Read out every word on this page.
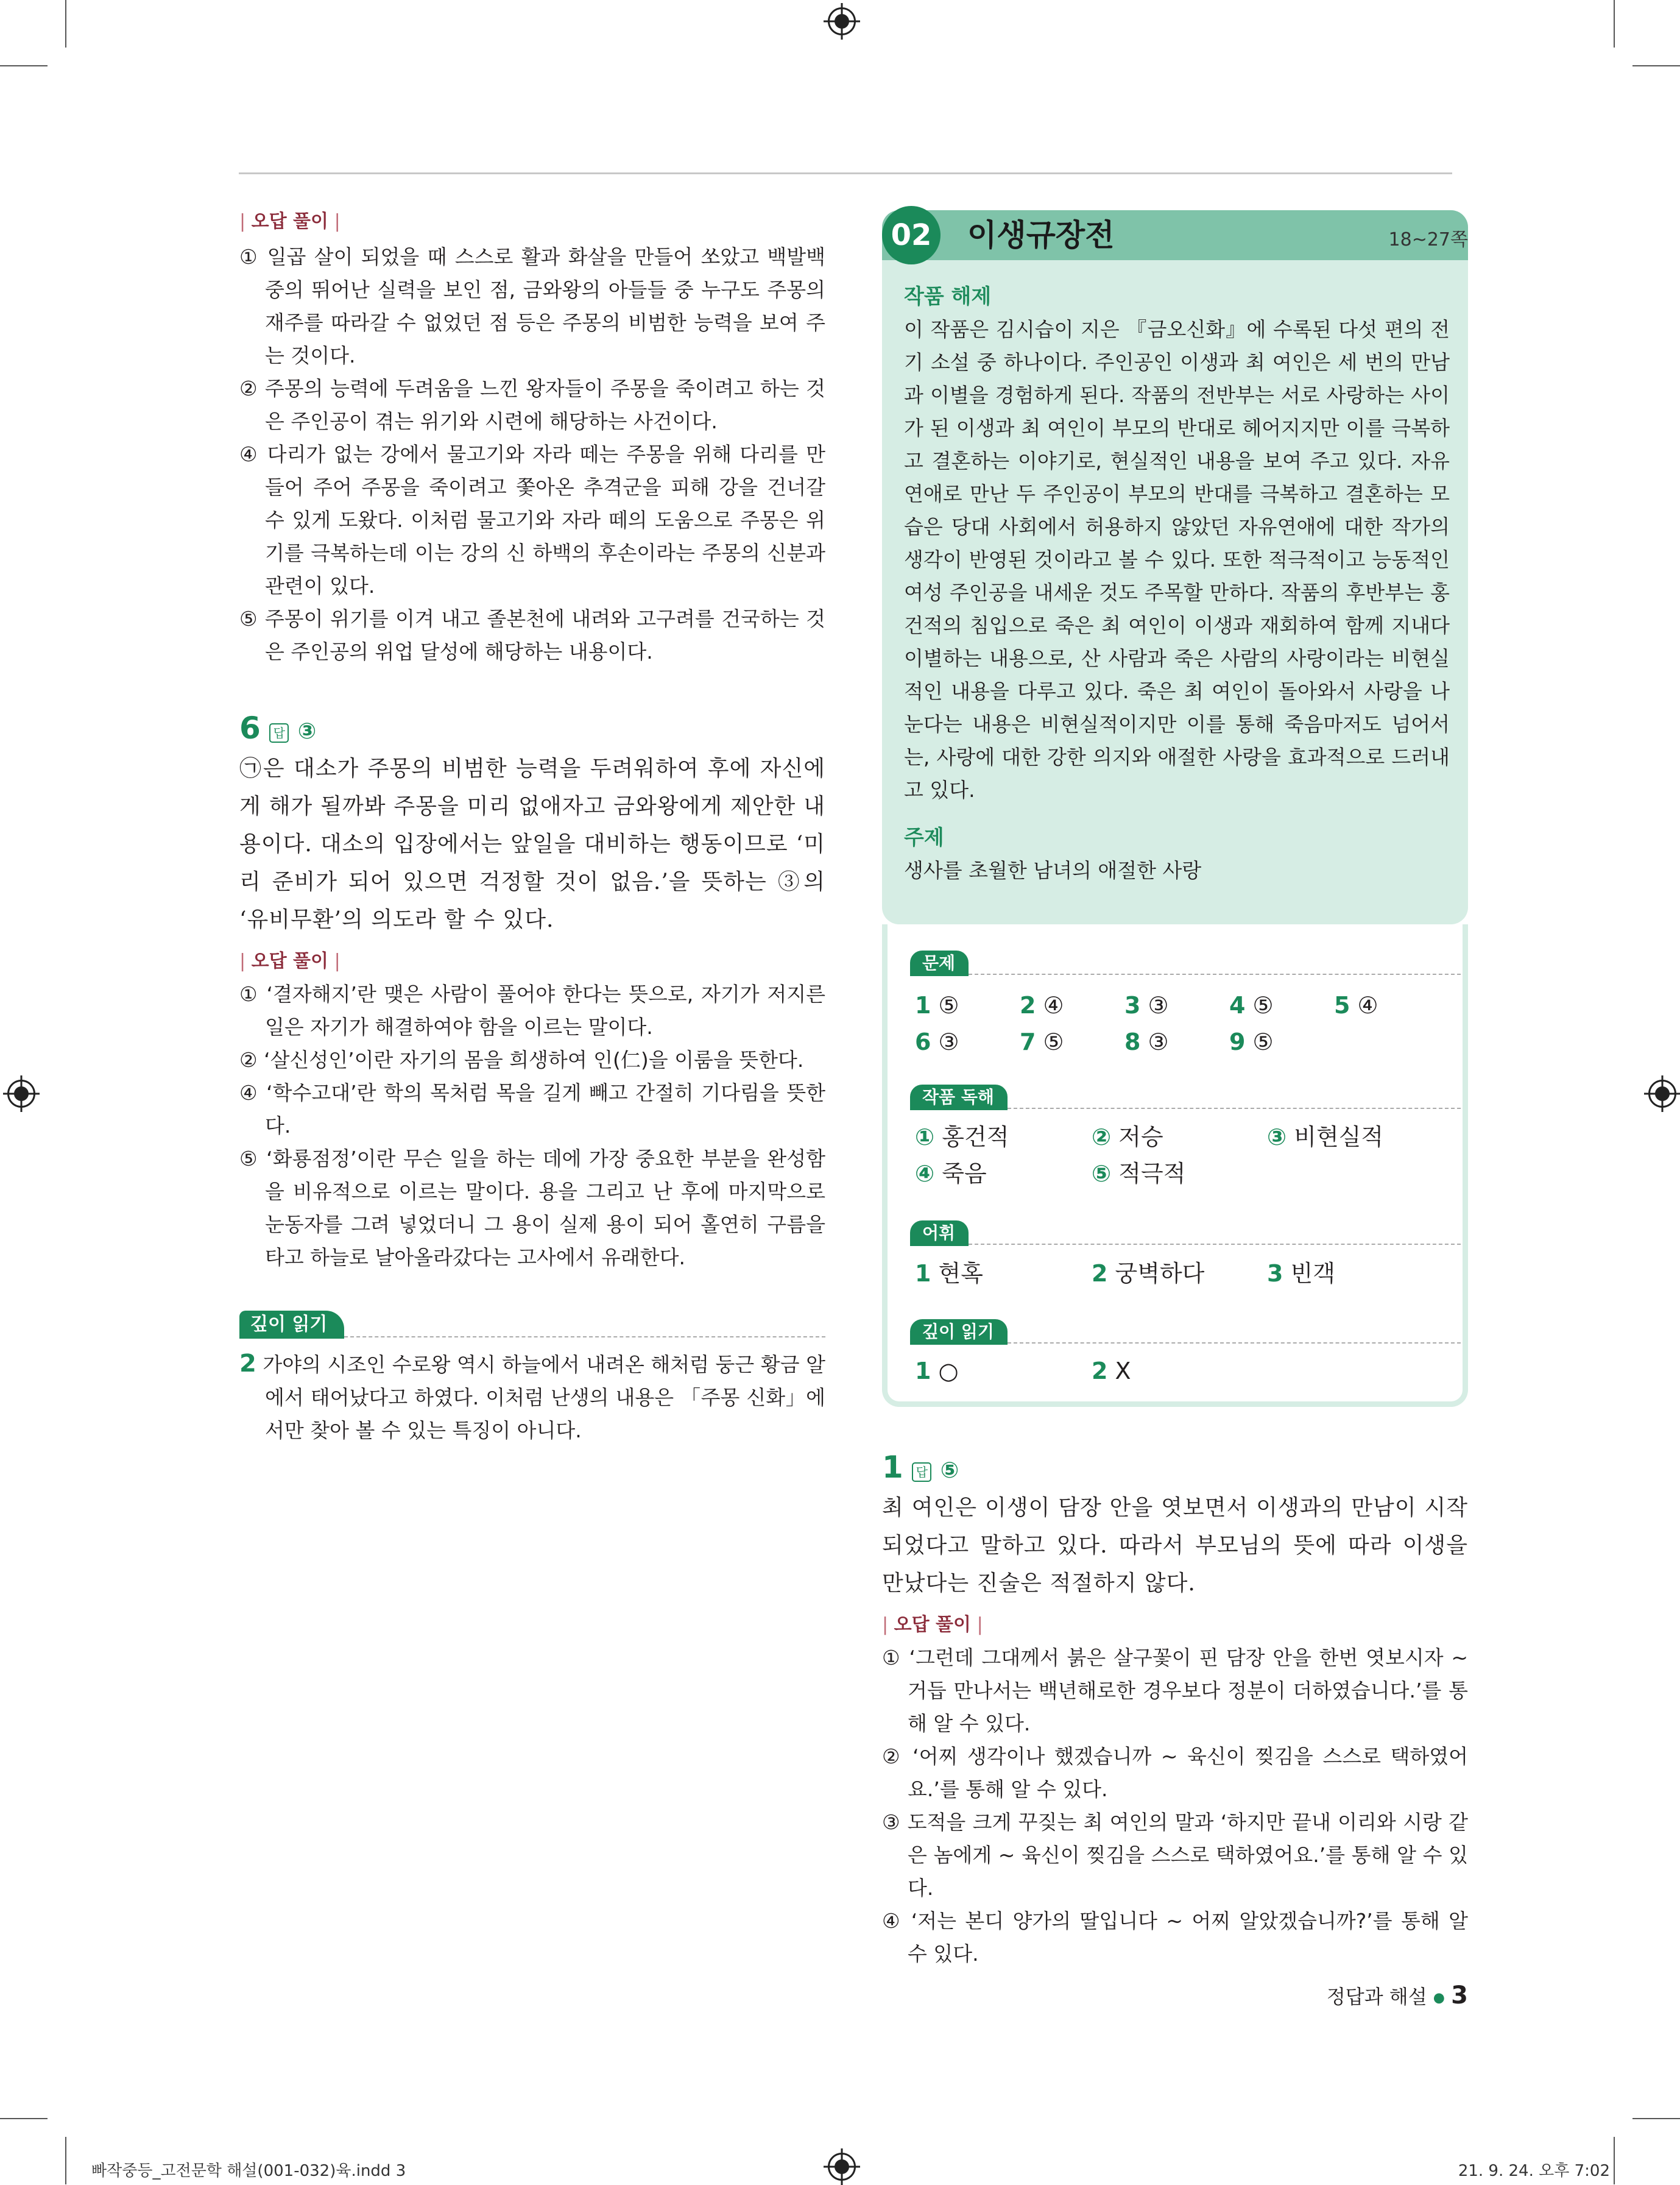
| 오답 풀이 |
① 일곱 살이 되었을 때 스스로 활과 화살을 만들어 쏘았고 백발백중의 뛰어난 실력을 보인 점, 금와왕의 아들들 중 누구도 주몽의 재주를 따라갈 수 없었던 점 등은 주몽의 비범한 능력을 보여 주는 것이다.
② 주몽의 능력에 두려움을 느낀 왕자들이 주몽을 죽이려고 하는 것은 주인공이 겪는 위기와 시련에 해당하는 사건이다.
④ 다리가 없는 강에서 물고기와 자라 떼는 주몽을 위해 다리를 만들어 주어 주몽을 죽이려고 쫓아온 추격군을 피해 강을 건너갈 수 있게 도왔다. 이처럼 물고기와 자라 떼의 도움으로 주몽은 위기를 극복하는데 이는 강의 신 하백의 후손이라는 주몽의 신분과 관련이 있다.
⑤ 주몽이 위기를 이겨 내고 졸본천에 내려와 고구려를 건국하는 것은 주인공의 위업 달성에 해당하는 내용이다.
6 답 ③
㉠은 대소가 주몽의 비범한 능력을 두려워하여 후에 자신에게 해가 될까봐 주몽을 미리 없애자고 금와왕에게 제안한 내용이다. 대소의 입장에서는 앞일을 대비하는 행동이므로 ‘미리 준비가 되어 있으면 걱정할 것이 없음.’을 뜻하는 ③의 ‘유비무환’의 의도라 할 수 있다.
| 오답 풀이 |
① ‘결자해지’란 맺은 사람이 풀어야 한다는 뜻으로, 자기가 저지른 일은 자기가 해결하여야 함을 이르는 말이다.
② ‘살신성인’이란 자기의 몸을 희생하여 인(仁)을 이룸을 뜻한다.
④ ‘학수고대’란 학의 목처럼 목을 길게 빼고 간절히 기다림을 뜻한다.
⑤ ‘화룡점정’이란 무슨 일을 하는 데에 가장 중요한 부분을 완성함을 비유적으로 이르는 말이다. 용을 그리고 난 후에 마지막으로 눈동자를 그려 넣었더니 그 용이 실제 용이 되어 홀연히 구름을 타고 하늘로 날아올라갔다는 고사에서 유래한다.
깊이 읽기
2 가야의 시조인 수로왕 역시 하늘에서 내려온 해처럼 둥근 황금 알에서 태어났다고 하였다. 이처럼 난생의 내용은 「주몽 신화」에서만 찾아 볼 수 있는 특징이 아니다.
02 이생규장전	18~27쪽
작품 해제
이 작품은 김시습이 지은 『금오신화』에 수록된 다섯 편의 전기 소설 중 하나이다. 주인공인 이생과 최 여인은 세 번의 만남과 이별을 경험하게 된다. 작품의 전반부는 서로 사랑하는 사이가 된 이생과 최 여인이 부모의 반대로 헤어지지만 이를 극복하고 결혼하는 이야기로, 현실적인 내용을 보여 주고 있다. 자유연애로 만난 두 주인공이 부모의 반대를 극복하고 결혼하는 모습은 당대 사회에서 허용하지 않았던 자유연애에 대한 작가의 생각이 반영된 것이라고 볼 수 있다. 또한 적극적이고 능동적인 여성 주인공을 내세운 것도 주목할 만하다. 작품의 후반부는 홍건적의 침입으로 죽은 최 여인이 이생과 재회하여 함께 지내다 이별하는 내용으로, 산 사람과 죽은 사람의 사랑이라는 비현실적인 내용을 다루고 있다. 죽은 최 여인이 돌아와서 사랑을 나눈다는 내용은 비현실적이지만 이를 통해 죽음마저도 넘어서는, 사랑에 대한 강한 의지와 애절한 사랑을 효과적으로 드러내고 있다.
주제
생사를 초월한 남녀의 애절한 사랑
문제
1 ⑤	2 ④	3 ③	4 ⑤	5 ④
6 ③	7 ⑤	8 ③	9 ⑤
작품 독해
① 홍건적	② 저승	③ 비현실적
④ 죽음	⑤ 적극적
어휘
1 현혹	2 궁벽하다	3 빈객
깊이 읽기
1 ○	2 X
1 답 ⑤
최 여인은 이생이 담장 안을 엿보면서 이생과의 만남이 시작되었다고 말하고 있다. 따라서 부모님의 뜻에 따라 이생을 만났다는 진술은 적절하지 않다.
| 오답 풀이 |
① ‘그런데 그대께서 붉은 살구꽃이 핀 담장 안을 한번 엿보시자 ~ 거듭 만나서는 백년해로한 경우보다 정분이 더하였습니다.’를 통해 알 수 있다.
② ‘어찌 생각이나 했겠습니까 ~ 육신이 찢김을 스스로 택하였어요.’를 통해 알 수 있다.
③ 도적을 크게 꾸짖는 최 여인의 말과 ‘하지만 끝내 이리와 시랑 같은 놈에게 ~ 육신이 찢김을 스스로 택하였어요.’를 통해 알 수 있다.
④ ‘저는 본디 양가의 딸입니다 ~ 어찌 알았겠습니까?’를 통해 알 수 있다.
정답과 해설 ● 3
빠작중등_고전문학 해설(001-032)육.indd 3	21. 9. 24. 오후 7:02
